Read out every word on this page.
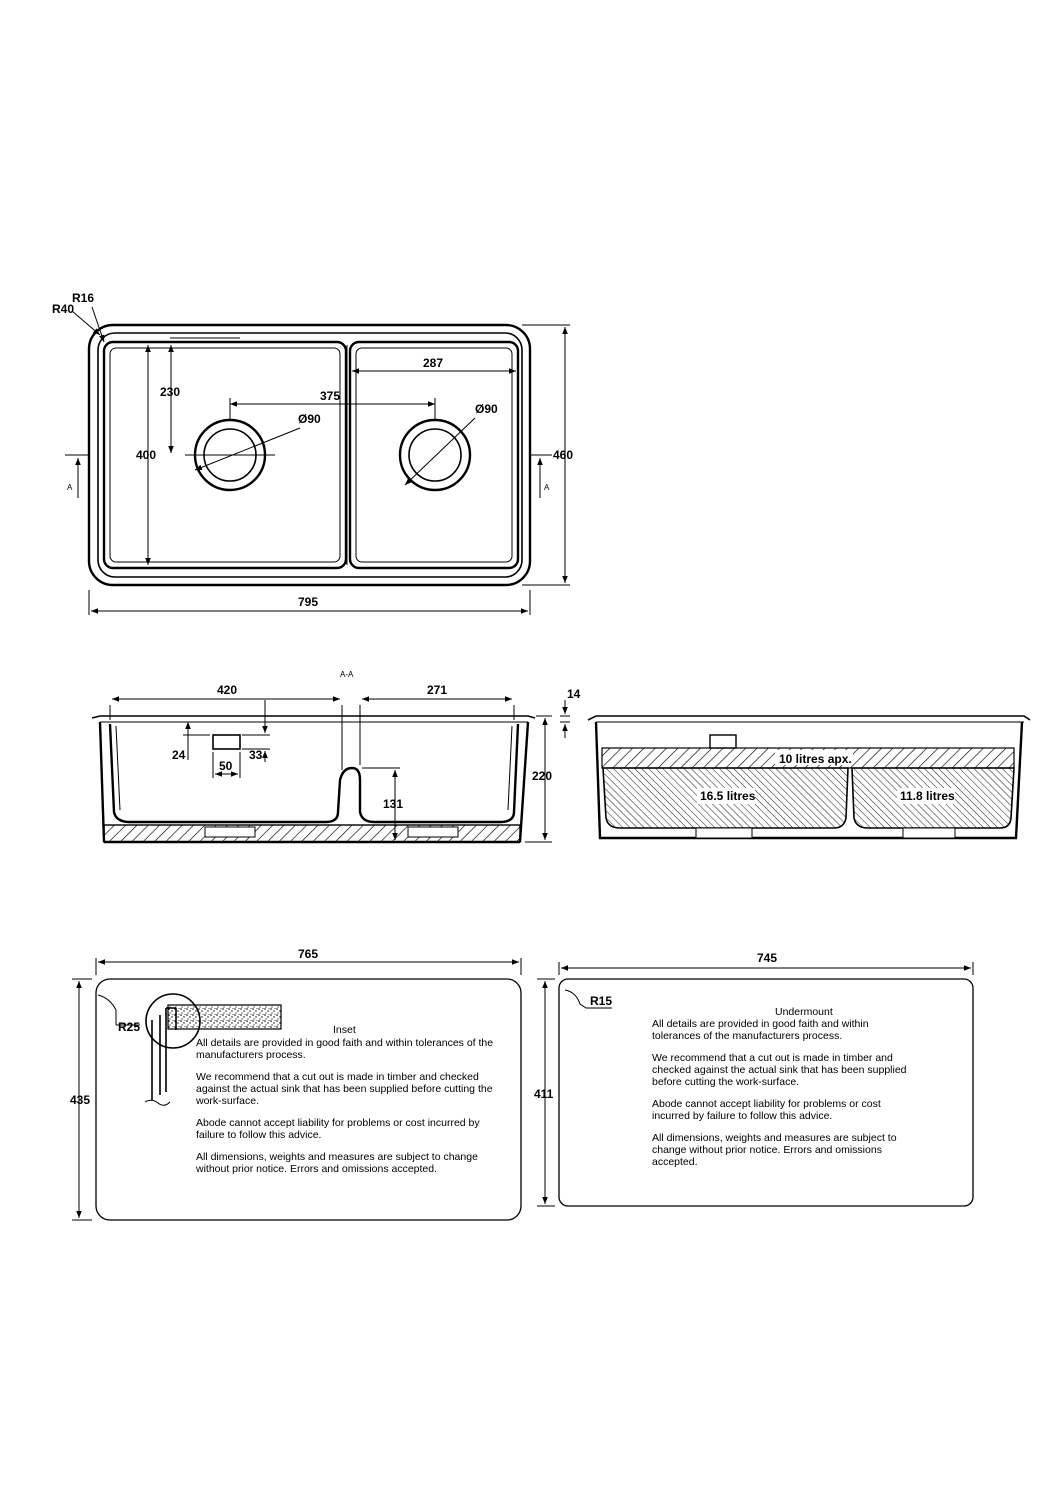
R40
R16
230
400
375
Ø90
Ø90
287
460
795
A	A
A-A
420	271	14
220
24	33
50
131
10 litres apx.
16.5 litres	11.8 litres
765
435
R25	Inset
All details are provided in good faith and within tolerances of the manufacturers process. We recommend that a cut out is made in timber and checked against the actual sink that has been supplied before cutting the work-surface. Abode cannot accept liability for problems or cost incurred by failure to follow this advice. All dimensions, weights and measures are subject to change without prior notice. Errors and omissions accepted.
745
411
R15
Undermount
All details are provided in good faith and within tolerances of the manufacturers process. We recommend that a cut out is made in timber and checked against the actual sink that has been supplied before cutting the work-surface. Abode cannot accept liability for problems or cost incurred by failure to follow this advice. All dimensions, weights and measures are subject to change without prior notice. Errors and omissions accepted.
